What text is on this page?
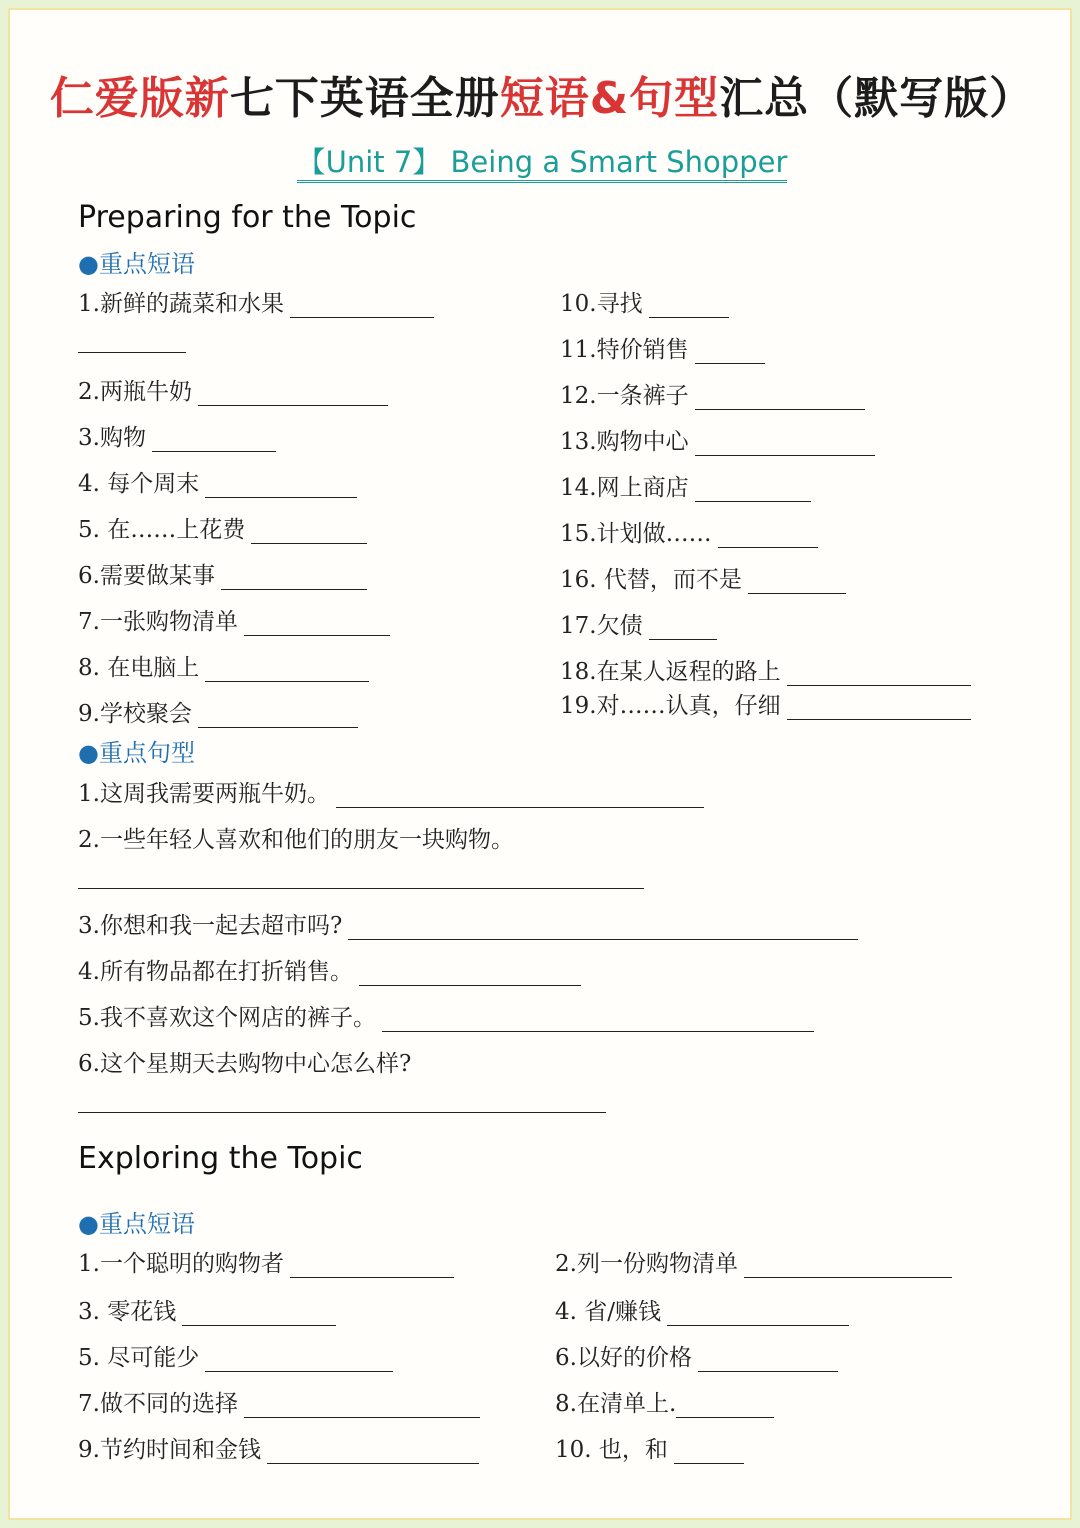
仁爱版新七下英语全册短语&句型汇总（默写版）
【Unit 7】 Being a Smart Shopper
Preparing for the Topic
●重点短语
1.新鲜的蔬菜和水果
2.两瓶牛奶
3.购物
4. 每个周末
5. 在……上花费
6.需要做某事
7.一张购物清单
8. 在电脑上
9.学校聚会
10.寻找
11.特价销售
12.一条裤子
13.购物中心
14.网上商店
15.计划做……
16. 代替，而不是
17.欠债
18.在某人返程的路上
19.对……认真，仔细
●重点句型
1.这周我需要两瓶牛奶。
2.一些年轻人喜欢和他们的朋友一块购物。
3.你想和我一起去超市吗?
4.所有物品都在打折销售。
5.我不喜欢这个网店的裤子。
6.这个星期天去购物中心怎么样?
Exploring the Topic
●重点短语
1.一个聪明的购物者	2.列一份购物清单
3. 零花钱	4. 省/赚钱
5. 尽可能少	6.以好的价格
7.做不同的选择	8.在清单上.
9.节约时间和金钱	10. 也，和
